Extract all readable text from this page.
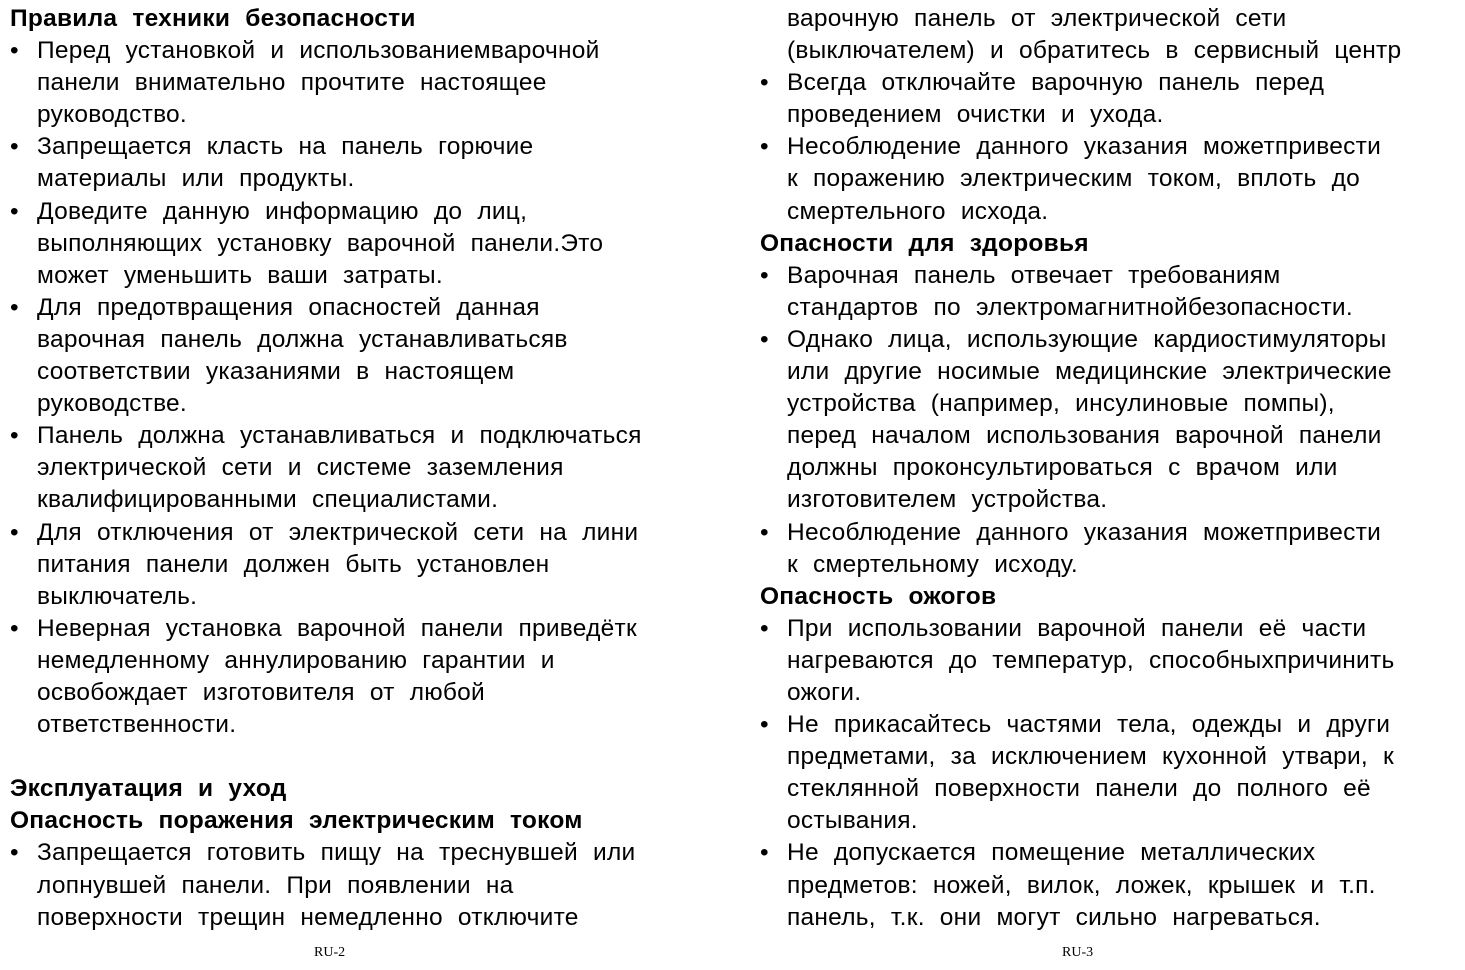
Правила техники безопасности
• Перед установкой и использованиемварочной
панели внимательно прочтите настоящее
руководство.
• Запрещается класть на панель горючие
материалы или продукты.
• Доведите данную информацию до лиц,
выполняющих установку варочной панели.Это
может уменьшить ваши затраты.
• Для предотвращения опасностей данная
варочная панель должна устанавливатьсяв
соответствии указаниями в настоящем
руководстве.
• Панель должна устанавливаться и подключаться
электрической сети и системе заземления
квалифицированными специалистами.
• Для отключения от электрической сети на лини
питания панели должен быть установлен
выключатель.
• Неверная установка варочной панели приведётк
немедленному аннулированию гарантии и
освобождает изготовителя от любой
ответственности.
Эксплуатация и уход
Опасность поражения электрическим током
• Запрещается готовить пищу на треснувшей или
лопнувшей панели. При появлении на
поверхности трещин немедленно отключите
варочную панель от электрической сети
(выключателем) и обратитесь в сервисный центр
• Всегда отключайте варочную панель перед
проведением очистки и ухода.
• Несоблюдение данного указания можетпривести
к поражению электрическим током, вплоть до
смертельного исхода.
Опасности для здоровья
• Варочная панель отвечает требованиям
стандартов по электромагнитнойбезопасности.
• Однако лица, использующие кардиостимуляторы
или другие носимые медицинские электрические
устройства (например, инсулиновые помпы),
перед началом использования варочной панели
должны проконсультироваться с врачом или
изготовителем устройства.
• Несоблюдение данного указания можетпривести
к смертельному исходу.
Опасность ожогов
• При использовании варочной панели её части
нагреваются до температур, способныхпричинить
ожоги.
• Не прикасайтесь частями тела, одежды и други
предметами, за исключением кухонной утвари, к
стеклянной поверхности панели до полного её
остывания.
• Не допускается помещение металлических
предметов: ножей, вилок, ложек, крышек и т.п.
панель, т.к. они могут сильно нагреваться.
RU-2	RU-3
